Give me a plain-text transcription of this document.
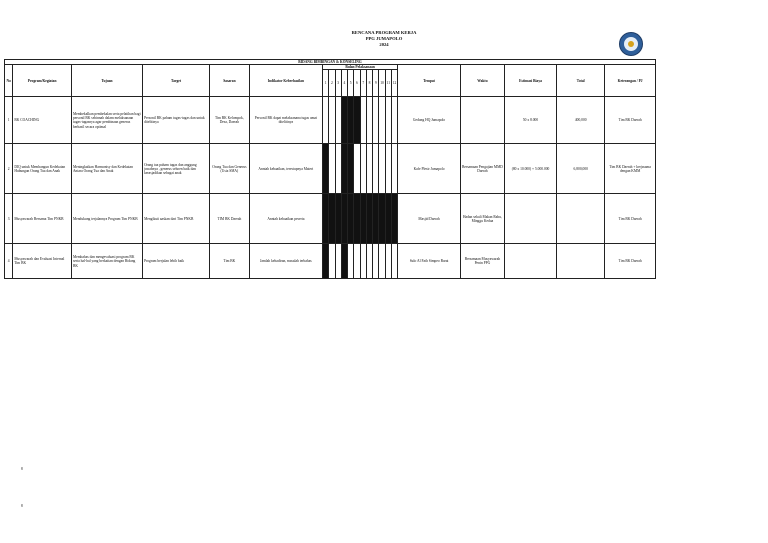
RENCANA PROGRAM KERJA
PPG JUMAPOLO
2024
BIDANG BIMBINGAN & KONSELING																						
No	Program/Kegiatan	Tujuan	Target	Sasaran	Indikator Keberhasilan	Bulan Pelaksanaan												Tempat	Waktu	Estimasi Biaya	Total	Keterangan / PJ
						1	2	3	4	5	6	7	8	9	10	11	12					
1	BK COACHING	Membekalkan pembekalan serta pelatihan bagi personil BK sehinnah dalam melaksanaan tugas-tugasnya agar pembinaan generus berhasil secara optimal	Personil BK paham tugas-tugas dan untuk ditelitinya	Tim BK Kelompok, Desa, Daerah	Personil BK dapat melaksanana tugas amat ditelitinya													Gedung HQ Jumapolo		50 x 8.000	400,000	Tim BK Daerah
2	DIQ untuk Membangun Kedekatan Hubungan Orang Tua dan Anak	Meningkatkan Harmonisy dan Kedekatan Antara Orang Tua dan Anak	Orang tua paham tugas dan anggung jawabnya , generus sehoen baik dan kerasjadikan sebagai anak	Orang Tua dan Generus (Usia SMA)	Anntah kebaaikan, terestupnya Materi													Kafe Plesir Jumapolo	Bersamaan Pengajian MMD Daerah	(80 x 10.000) + 5.000.000	6,800,000	Tim BK Daerah + kerjasama dengan KMM
3	Musyawarah Bersama Tim PNKB	Mendukung terjalannya Program Tim PNKB	Mengikuti aaskan dari Tim PNKB	TIM BK Daerah	Anntah kebaaikan peserta													Masjid Daerah	Hadan sekali Makan Rabu, Minggu Kedua			Tim BK Daerah
4	Musyawarah dan Evaluasi Internal Tim BK	Membahas dan mengevaluasi program BK serta hal-hal yang berkaitan dengan Bidang BK	Program berjalan lebih baik	Tim BK	Jamlah kehadiran, masalah terbahas													Sulo Al Fath Simpeo Barat	Bersamaan Musyawarah Penin PPG			Tim BK Daerah
8
8
